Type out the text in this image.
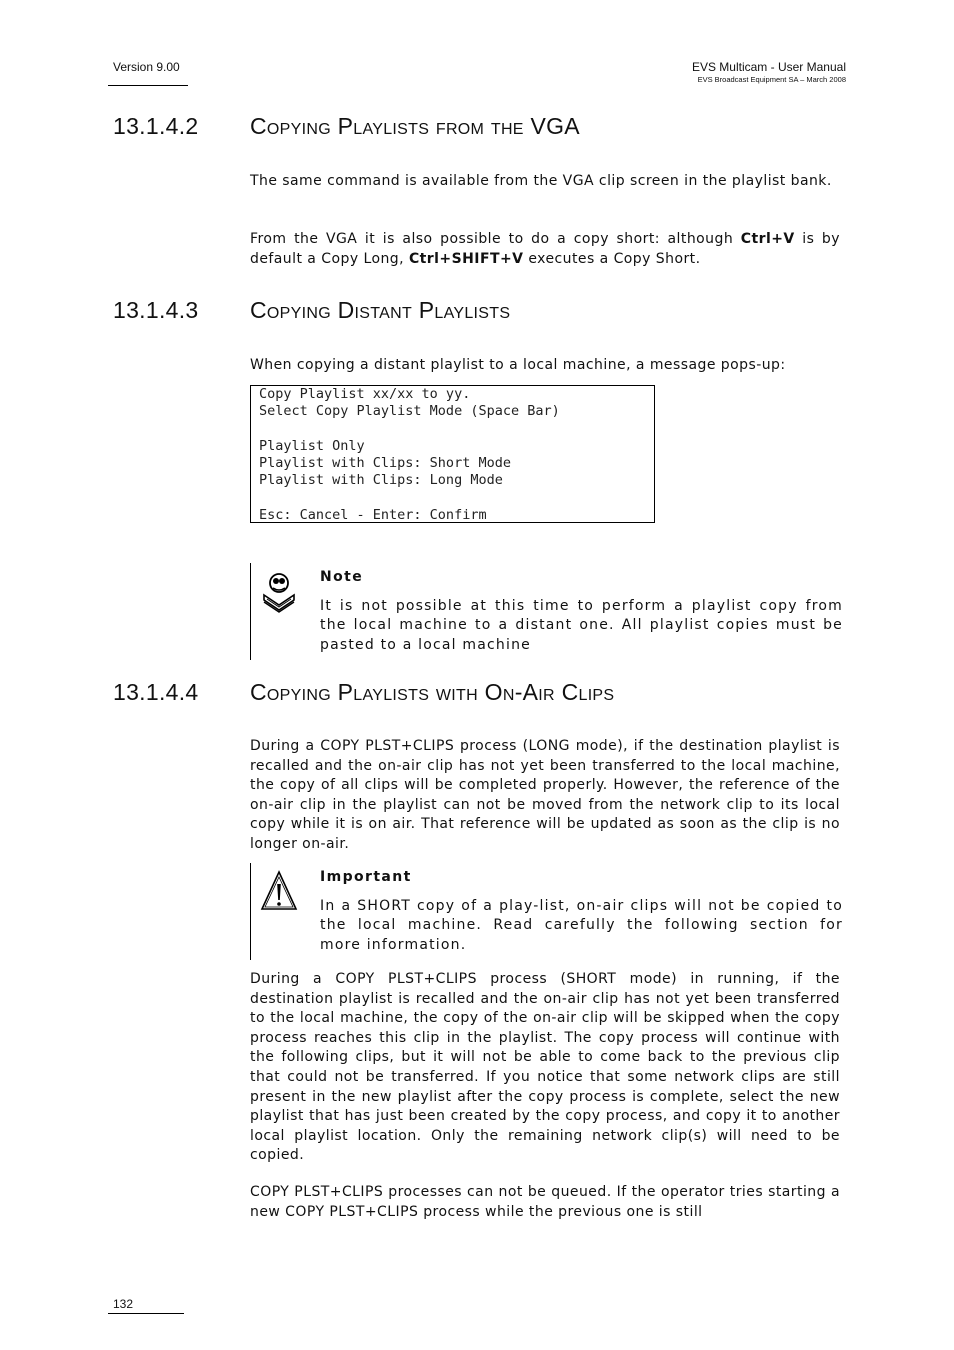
Version 9.00	EVS Multicam - User Manual
EVS Broadcast Equipment SA – March 2008
13.1.4.2 Copying Playlists from the VGA

The same command is available from the VGA clip screen in the playlist bank.

From the VGA it is also possible to do a copy short: although Ctrl+V is by default a Copy Long, Ctrl+SHIFT+V executes a Copy Short.

13.1.4.3 Copying Distant Playlists

When copying a distant playlist to a local machine, a message pops-up:

Copy Playlist xx/xx to yy.
Select Copy Playlist Mode (Space Bar)
Playlist Only
Playlist with Clips: Short Mode
Playlist with Clips: Long Mode
Esc: Cancel - Enter: Confirm
Note
It is not possible at this time to perform a playlist copy from the local machine to a distant one. All playlist copies must be pasted to a local machine
13.1.4.4 Copying Playlists with On-Air Clips

During a COPY PLST+CLIPS process (LONG mode), if the destination playlist is recalled and the on-air clip has not yet been transferred to the local machine, the copy of all clips will be completed properly. However, the reference of the on-air clip in the playlist can not be moved from the network clip to its local copy while it is on air. That reference will be updated as soon as the clip is no longer on-air.

Important
In a SHORT copy of a play-list, on-air clips will not be copied to the local machine. Read carefully the following section for more information.

During a COPY PLST+CLIPS process (SHORT mode) in running, if the destination playlist is recalled and the on-air clip has not yet been transferred to the local machine, the copy of the on-air clip will be skipped when the copy process reaches this clip in the playlist. The copy process will continue with the following clips, but it will not be able to come back to the previous clip that could not be transferred. If you notice that some network clips are still present in the new playlist after the copy process is complete, select the new playlist that has just been created by the copy process, and copy it to another local playlist location. Only the remaining network clip(s) will need to be copied.

COPY PLST+CLIPS processes can not be queued. If the operator tries starting a new COPY PLST+CLIPS process while the previous one is still

132
